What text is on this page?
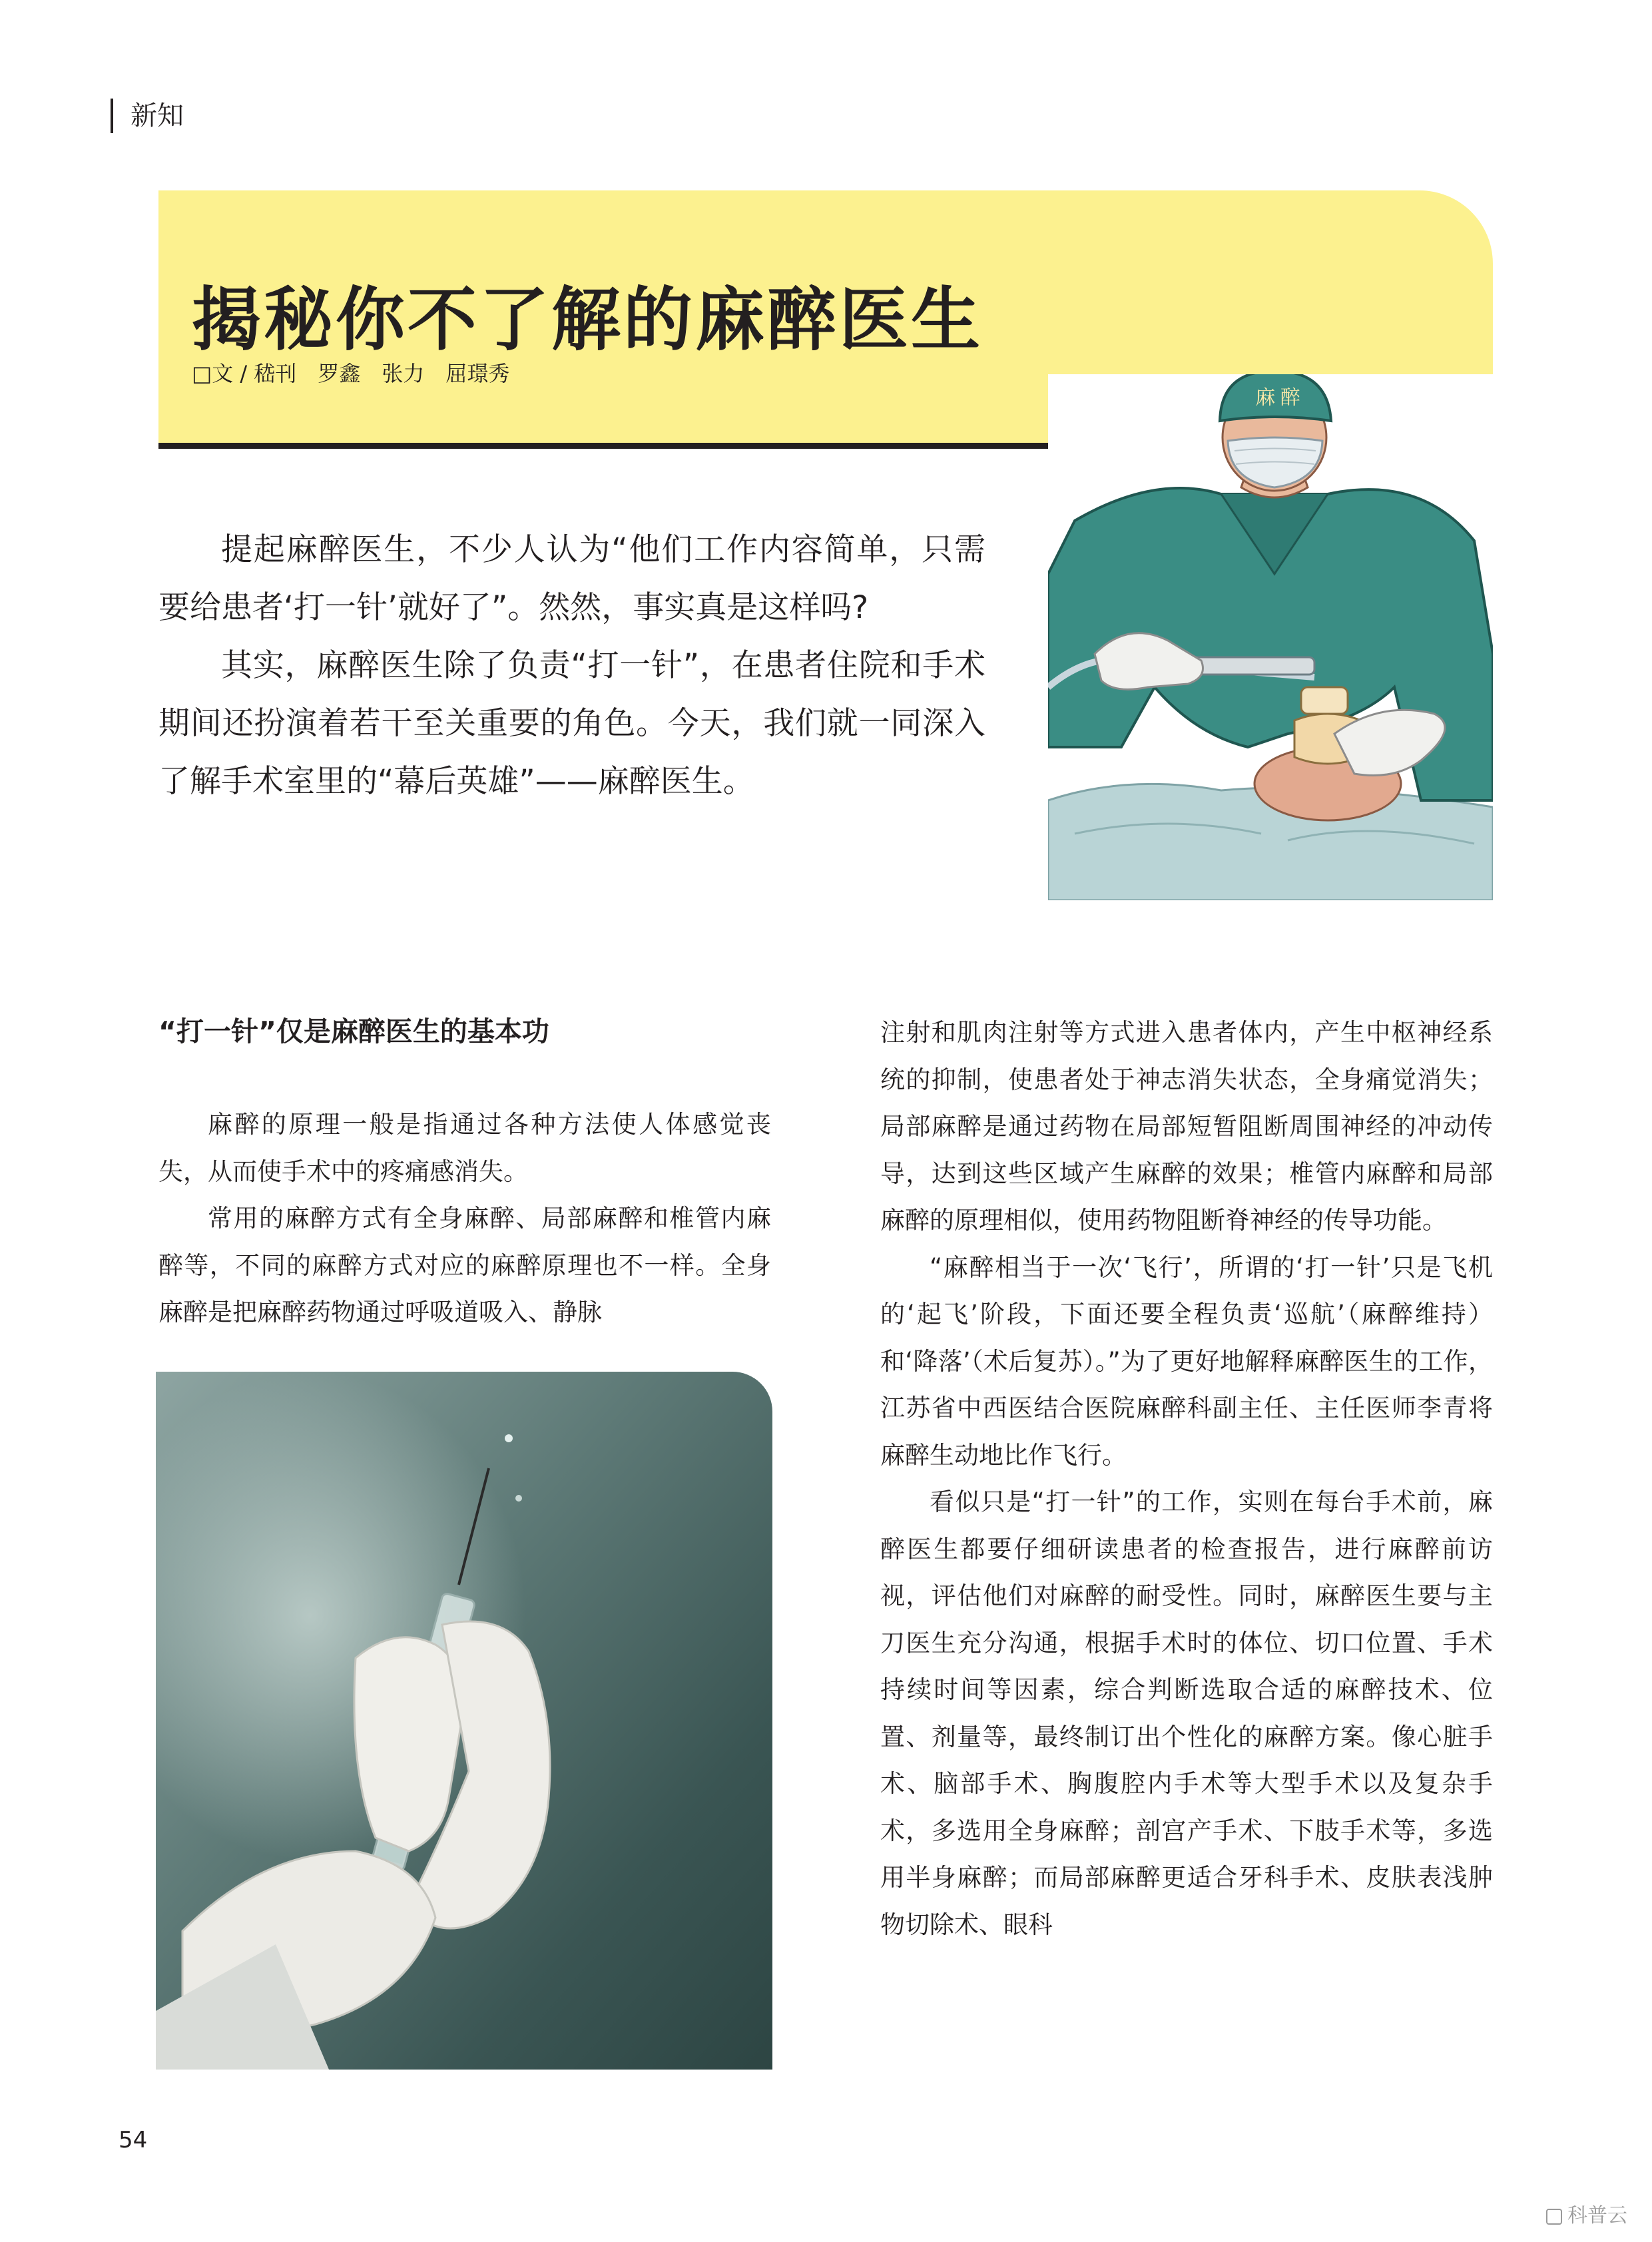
新知
揭秘你不了解的麻醉医生
□文 / 嵇刊　罗鑫　张力　屈璟秀

提起麻醉医生，不少人认为“他们工作内容简单，只需要给患者‘打一针’就好了”。然然，事实真是这样吗?

其实，麻醉医生除了负责“打一针”，在患者住院和手术期间还扮演着若干至关重要的角色。今天，我们就一同深入了解手术室里的“幕后英雄”——麻醉医生。

麻 醉
“打一针”仅是麻醉医生的基本功

麻醉的原理一般是指通过各种方法使人体感觉丧失，从而使手术中的疼痛感消失。

常用的麻醉方式有全身麻醉、局部麻醉和椎管内麻醉等，不同的麻醉方式对应的麻醉原理也不一样。全身麻醉是把麻醉药物通过呼吸道吸入、静脉

注射和肌肉注射等方式进入患者体内，产生中枢神经系统的抑制，使患者处于神志消失状态，全身痛觉消失；局部麻醉是通过药物在局部短暂阻断周围神经的冲动传导，达到这些区域产生麻醉的效果；椎管内麻醉和局部麻醉的原理相似，使用药物阻断脊神经的传导功能。

“麻醉相当于一次‘飞行’，所谓的‘打一针’只是飞机的‘起飞’阶段，下面还要全程负责‘巡航’（麻醉维持）和‘降落’（术后复苏）。”为了更好地解释麻醉医生的工作，江苏省中西医结合医院麻醉科副主任、主任医师李青将麻醉生动地比作飞行。

看似只是“打一针”的工作，实则在每台手术前，麻醉医生都要仔细研读患者的检查报告，进行麻醉前访视，评估他们对麻醉的耐受性。同时，麻醉医生要与主刀医生充分沟通，根据手术时的体位、切口位置、手术持续时间等因素，综合判断选取合适的麻醉技术、位置、剂量等，最终制订出个性化的麻醉方案。像心脏手术、脑部手术、胸腹腔内手术等大型手术以及复杂手术，多选用全身麻醉；剖宫产手术、下肢手术等，多选用半身麻醉；而局部麻醉更适合牙科手术、皮肤表浅肿物切除术、眼科

54
科普云
